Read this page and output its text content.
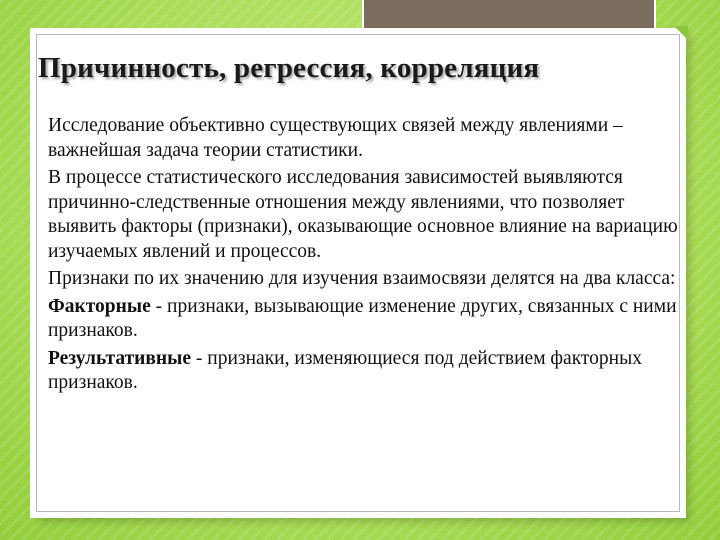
Причинность, регрессия, корреляция

Исследование объективно существующих связей между явлениями – важнейшая задача теории статистики.

В процессе статистического исследования зависимостей выявляются причинно-следственные отношения между явлениями, что позволяет выявить факторы (признаки), оказывающие основное влияние на вариацию изучаемых явлений и процессов.

Признаки по их значению для изучения взаимосвязи делятся на два класса:

Факторные - признаки, вызывающие изменение других, связанных с ними признаков.

Результативные - признаки, изменяющиеся под действием факторных признаков.
